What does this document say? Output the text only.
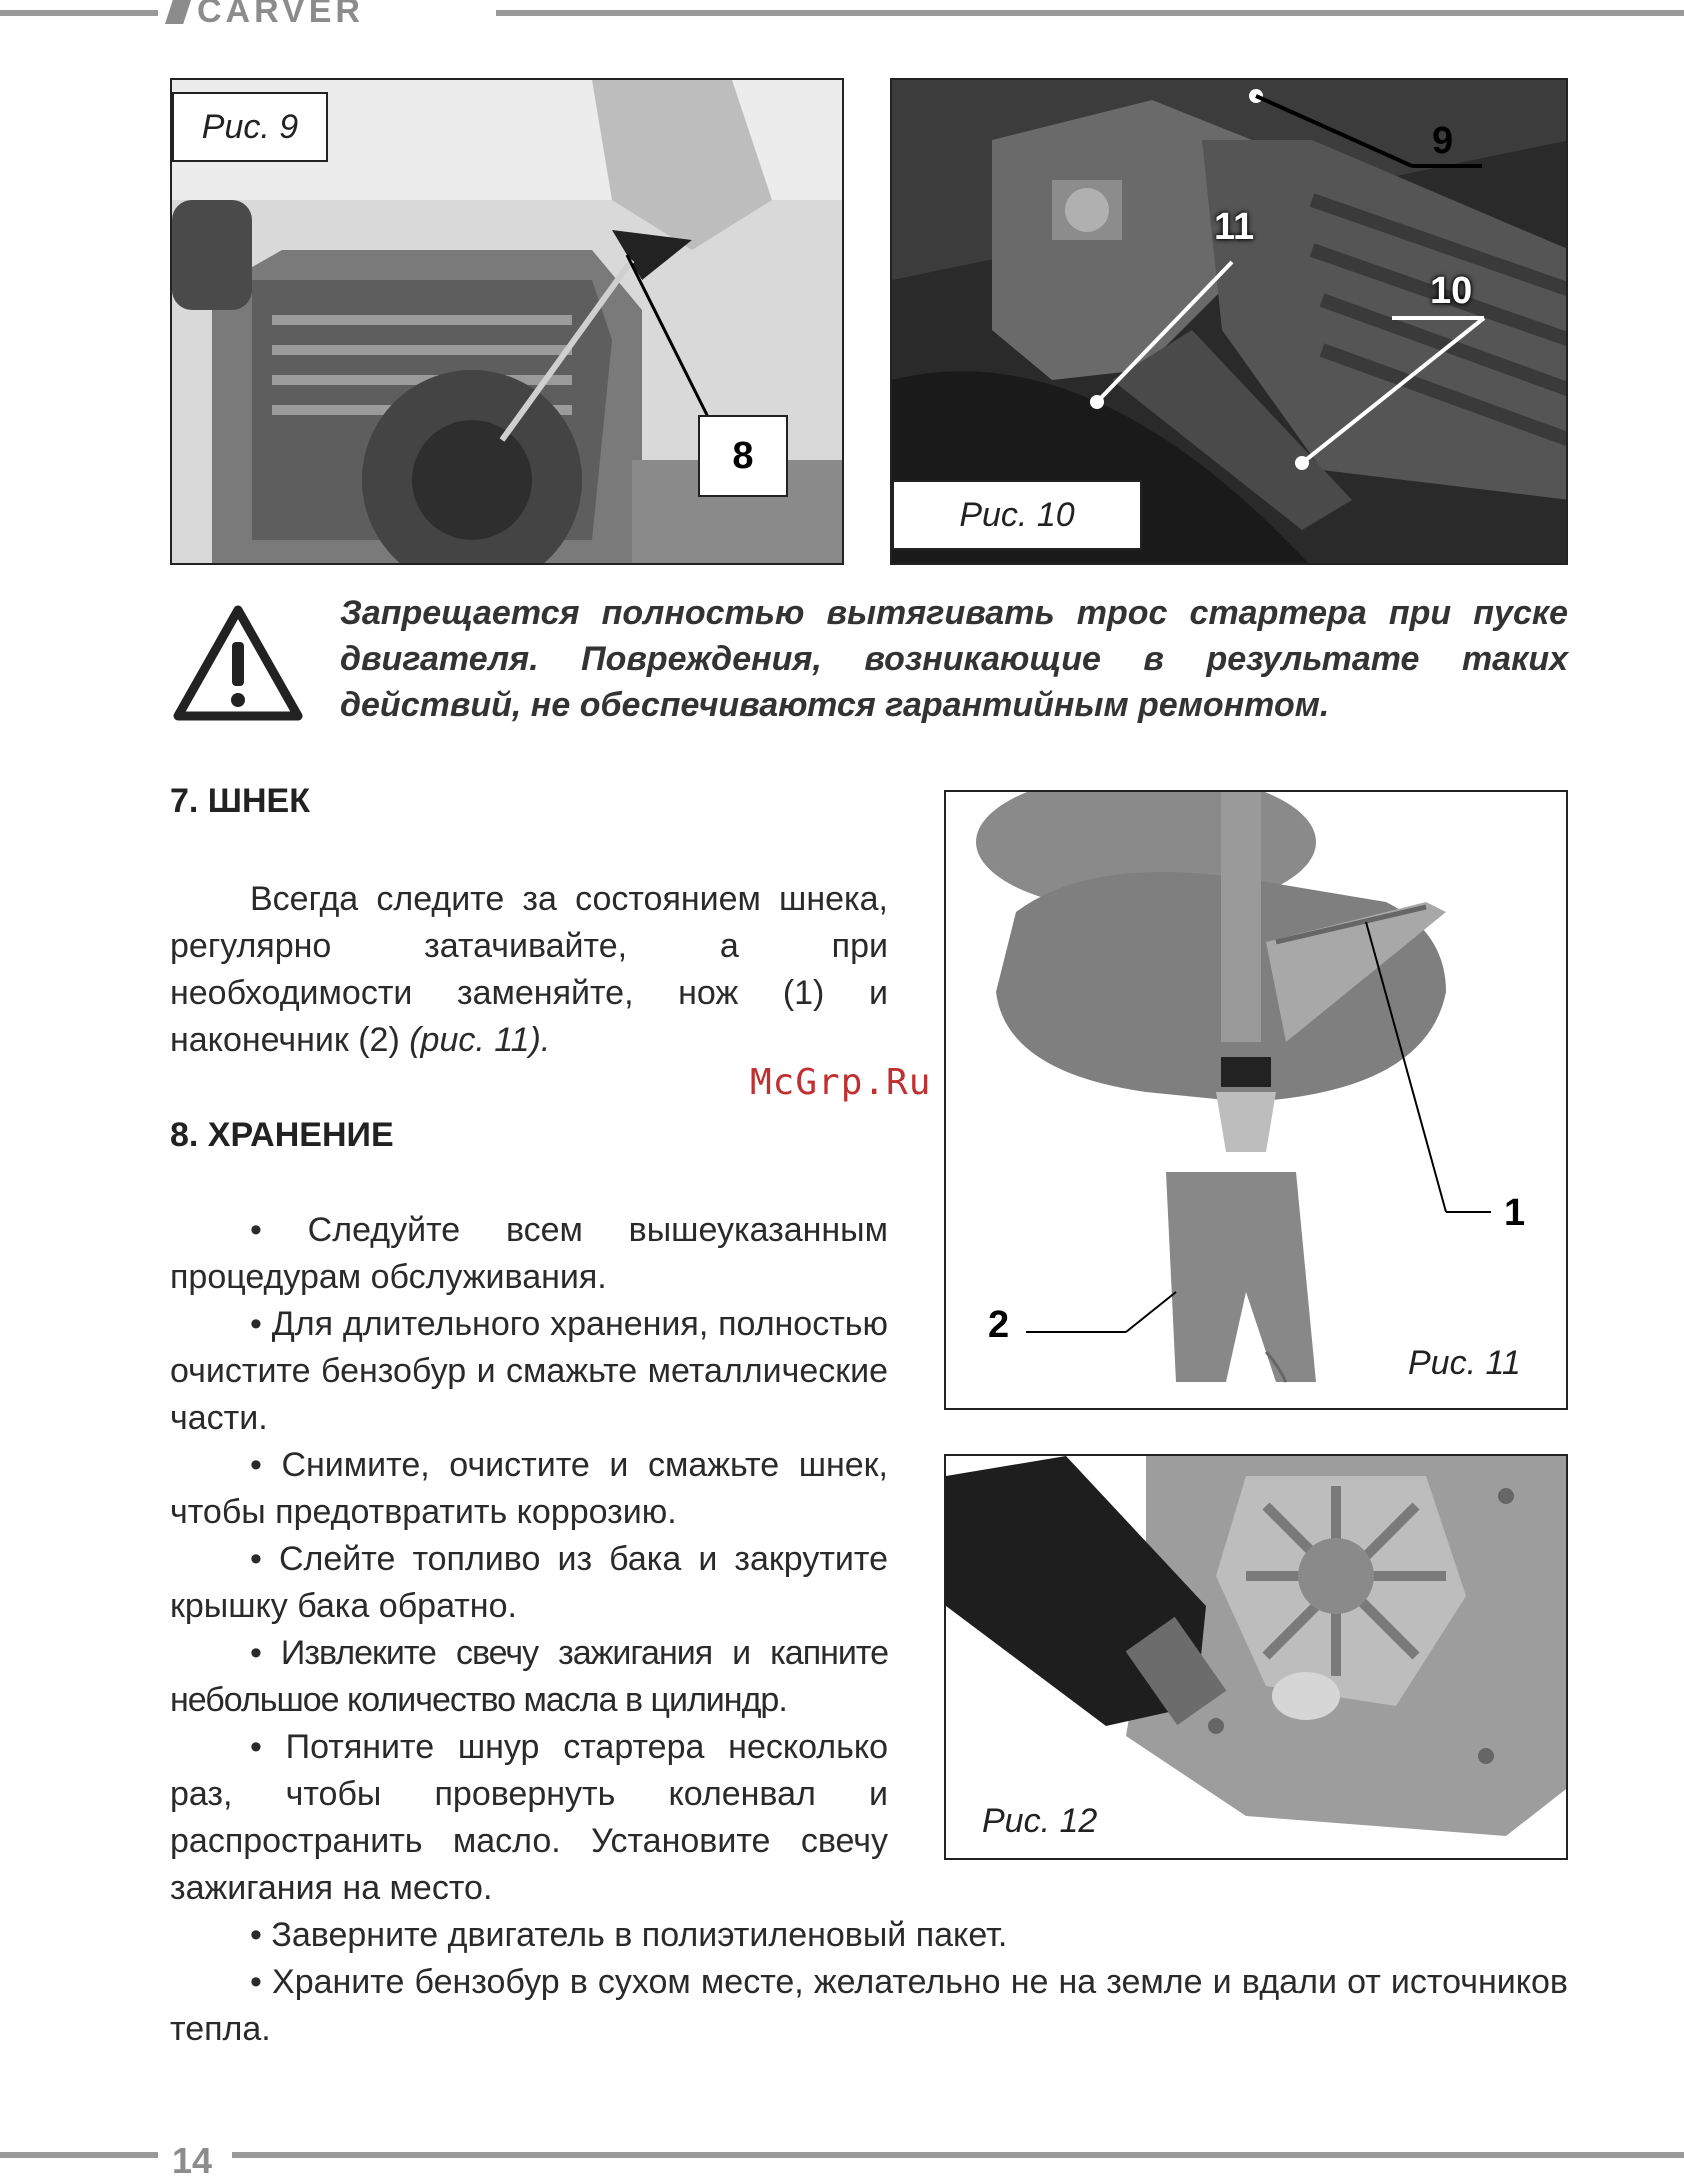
CARVER
Рис. 9
8
9
11
10
Рис. 10

Запрещается полностью вытягивать трос стартера при пуске двигателя. Повреждения, возникающие в результате таких действий, не обеспечиваются гарантийным ремонтом.

7. ШНЕК

Всегда следите за состоянием шнека, регулярно затачивайте, а при необходимости заменяйте, нож (1) и наконечник (2) (рис. 11).

McGrp.Ru
8. ХРАНЕНИЕ

• Следуйте всем вышеуказанным процедурам обслуживания.

• Для длительного хранения, полностью очистите бензобур и смажьте металлические части.

• Снимите, очистите и смажьте шнек, чтобы предотвратить коррозию.

• Слейте топливо из бака и закрутите крышку бака обратно.

• Извлеките свечу зажигания и капните небольшое количество масла в цилиндр.

• Потяните шнур стартера несколько раз, чтобы провернуть коленвал и распространить масло. Установите свечу зажигания на место.

• Заверните двигатель в полиэтиленовый пакет.

• Храните бензобур в сухом месте, желательно не на земле и вдали от источников тепла.

1
2
Рис. 11
Рис. 12
14
